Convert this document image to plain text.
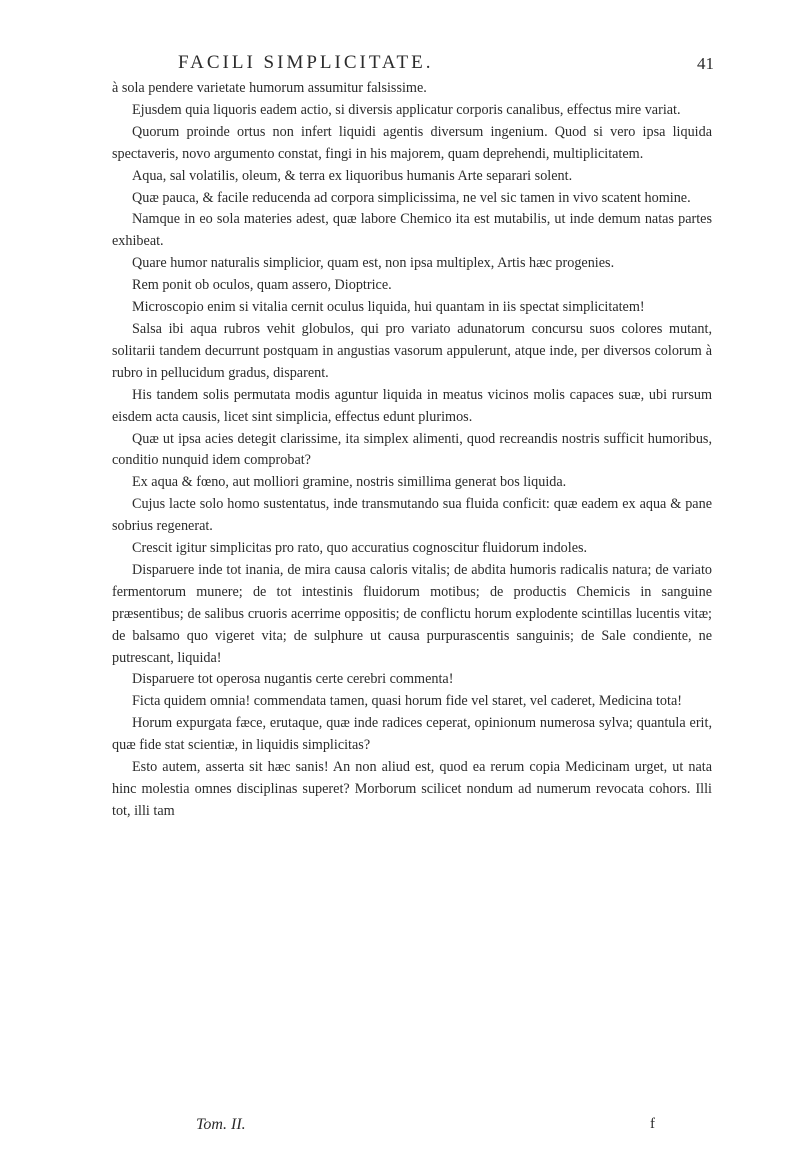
FACILI SIMPLICITATE.	41

à sola pendere varietate humorum assumitur falsissime.

Ejusdem quia liquoris eadem actio, si diversis applicatur corporis canalibus, effectus mire variat.

Quorum proinde ortus non infert liquidi agentis diversum ingenium. Quod si vero ipsa liquida spectaveris, novo argumento constat, fingi in his majorem, quam deprehendi, multiplicitatem.

Aqua, sal volatilis, oleum, & terra ex liquoribus humanis Arte separari solent.

Quæ pauca, & facile reducenda ad corpora simplicissima, ne vel sic tamen in vivo scatent homine.

Namque in eo sola materies adest, quæ labore Chemico ita est mutabilis, ut inde demum natas partes exhibeat.

Quare humor naturalis simplicior, quam est, non ipsa multiplex, Artis hæc progenies.

Rem ponit ob oculos, quam assero, Dioptrice.

Microscopio enim si vitalia cernit oculus liquida, hui quantam in iis spectat simplicitatem!

Salsa ibi aqua rubros vehit globulos, qui pro variato adunatorum concursu suos colores mutant, solitarii tandem decurrunt postquam in angustias vasorum appulerunt, atque inde, per diversos colorum à rubro in pellucidum gradus, disparent.

His tandem solis permutata modis aguntur liquida in meatus vicinos molis capaces suæ, ubi rursum eisdem acta causis, licet sint simplicia, effectus edunt plurimos.

Quæ ut ipsa acies detegit clarissime, ita simplex alimenti, quod recreandis nostris sufficit humoribus, conditio nunquid idem comprobat?

Ex aqua & fœno, aut molliori gramine, nostris simillima generat bos liquida.

Cujus lacte solo homo sustentatus, inde transmutando sua fluida conficit: quæ eadem ex aqua & pane sobrius regenerat.

Crescit igitur simplicitas pro rato, quo accuratius cognoscitur fluidorum indoles.

Disparuere inde tot inania, de mira causa caloris vitalis; de abdita humoris radicalis natura; de variato fermentorum munere; de tot intestinis fluidorum motibus; de productis Chemicis in sanguine præsentibus; de salibus cruoris acerrime oppositis; de conflictu horum explodente scintillas lucentis vitæ; de balsamo quo vigeret vita; de sulphure ut causa purpurascentis sanguinis; de Sale condiente, ne putrescant, liquida!

Disparuere tot operosa nugantis certe cerebri commenta!

Ficta quidem omnia! commendata tamen, quasi horum fide vel staret, vel caderet, Medicina tota!

Horum expurgata fæce, erutaque, quæ inde radices ceperat, opinionum numerosa sylva; quantula erit, quæ fide stat scientiæ, in liquidis simplicitas?

Esto autem, asserta sit hæc sanis! An non aliud est, quod ea rerum copia Medicinam urget, ut nata hinc molestia omnes disciplinas superet? Morborum scilicet nondum ad numerum revocata cohors. Illi tot, illi tam

Tom. II.	f
